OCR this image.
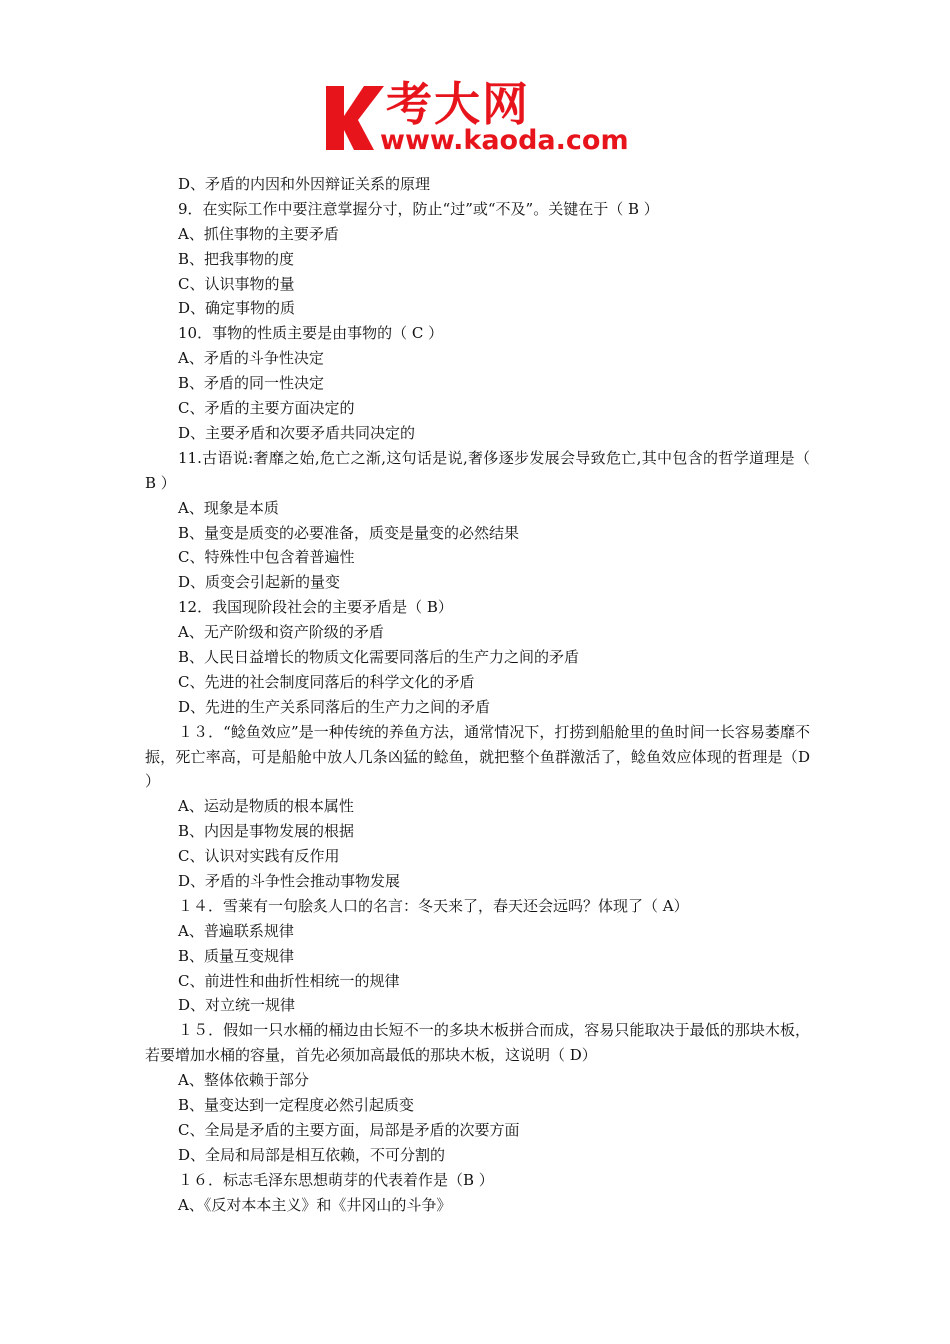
考大网
www.kaoda.com
D、矛盾的内因和外因辩证关系的原理
9．在实际工作中要注意掌握分寸，防止“过”或“不及”。关键在于（ B ）
A、抓住事物的主要矛盾
B、把我事物的度
C、认识事物的量
D、确定事物的质
10．事物的性质主要是由事物的（ C ）
A、矛盾的斗争性决定
B、矛盾的同一性决定
C、矛盾的主要方面决定的
D、主要矛盾和次要矛盾共同决定的
11.古语说:奢靡之始,危亡之渐,这句话是说,奢侈逐步发展会导致危亡,其中包含的哲学道理是（ B ）
A、现象是本质
B、量变是质变的必要准备，质变是量变的必然结果
C、特殊性中包含着普遍性
D、质变会引起新的量变
12．我国现阶段社会的主要矛盾是（ B）
A、无产阶级和资产阶级的矛盾
B、人民日益增长的物质文化需要同落后的生产力之间的矛盾
C、先进的社会制度同落后的科学文化的矛盾
D、先进的生产关系同落后的生产力之间的矛盾
１３．“鲶鱼效应”是一种传统的养鱼方法，通常情况下，打捞到船舱里的鱼时间一长容易萎靡不振，死亡率高，可是船舱中放人几条凶猛的鲶鱼，就把整个鱼群激活了，鲶鱼效应体现的哲理是（D ）
A、运动是物质的根本属性
B、内因是事物发展的根据
C、认识对实践有反作用
D、矛盾的斗争性会推动事物发展
１４．雪莱有一句脍炙人口的名言：冬天来了，春天还会远吗？体现了（ A）
A、普遍联系规律
B、质量互变规律
C、前进性和曲折性相统一的规律
D、对立统一规律
１５．假如一只水桶的桶边由长短不一的多块木板拼合而成，容易只能取决于最低的那块木板，若要增加水桶的容量，首先必须加高最低的那块木板，这说明（ D）
A、整体依赖于部分
B、量变达到一定程度必然引起质变
C、全局是矛盾的主要方面，局部是矛盾的次要方面
D、全局和局部是相互依赖，不可分割的
１６．标志毛泽东思想萌芽的代表着作是（B ）
A、《反对本本主义》和《井冈山的斗争》
